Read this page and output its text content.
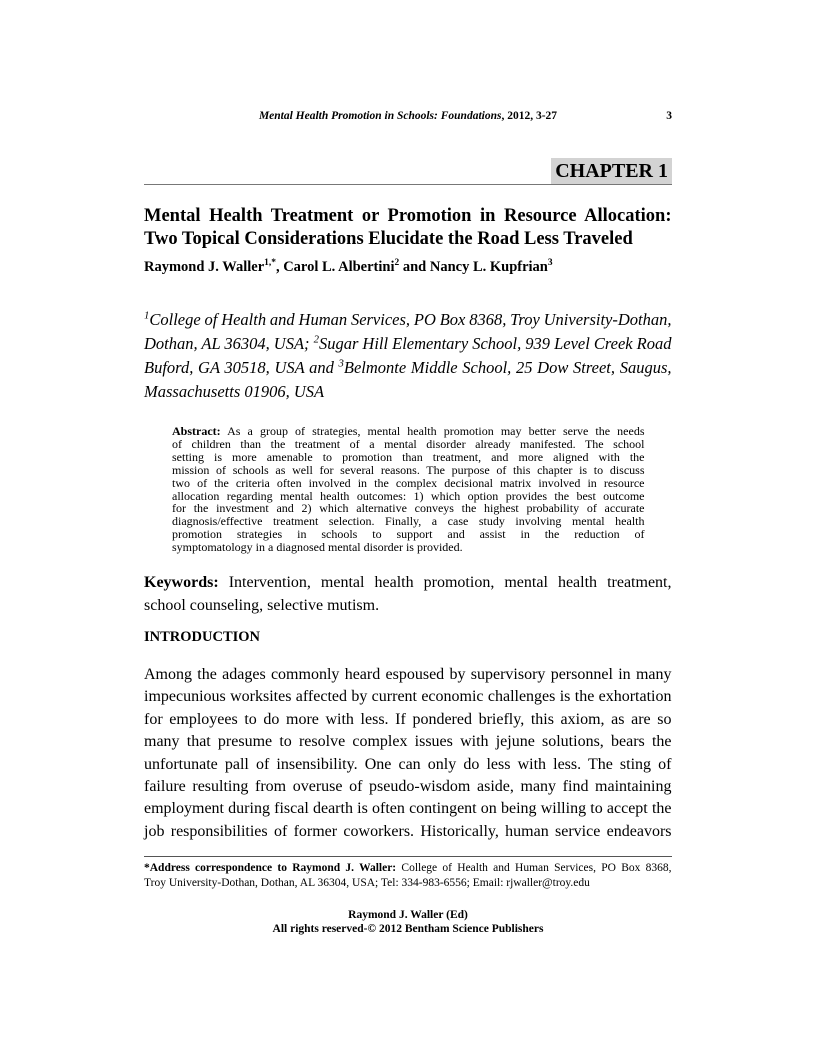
Mental Health Promotion in Schools: Foundations, 2012, 3-27	3
CHAPTER 1
Mental Health Treatment or Promotion in Resource Allocation:
Two Topical Considerations Elucidate the Road Less Traveled
Raymond J. Waller$^{1,*}$, Carol L. Albertini$^2$ and Nancy L. Kupfrian$^3$
$^1$College of Health and Human Services, PO Box 8368, Troy University-Dothan,
Dothan, AL 36304, USA; $^2$Sugar Hill Elementary School, 939 Level Creek Road
Buford, GA 30518, USA and $^3$Belmonte Middle School, 25 Dow Street, Saugus,
Massachusetts 01906, USA
INTRODUCTION
Raymond J. Waller (Ed)
All rights reserved-© 2012 Bentham Science Publishers
Abstract: As a group of strategies, mental health promotion may better serve the needs
of children than the treatment of a mental disorder already manifested. The school
setting is more amenable to promotion than treatment, and more aligned with the
mission of schools as well for several reasons. The purpose of this chapter is to discuss
two of the criteria often involved in the complex decisional matrix involved in resource
allocation regarding mental health outcomes: 1) which option provides the best outcome
for the investment and 2) which alternative conveys the highest probability of accurate
diagnosis/effective treatment selection. Finally, a case study involving mental health
promotion strategies in schools to support and assist in the reduction of
symptomatology in a diagnosed mental disorder is provided.
Keywords: Intervention, mental health promotion, mental health treatment,
school counseling, selective mutism.
Among the adages commonly heard espoused by supervisory personnel in many
impecunious worksites affected by current economic challenges is the exhortation
for employees to do more with less. If pondered briefly, this axiom, as are so
many that presume to resolve complex issues with jejune solutions, bears the
unfortunate pall of insensibility. One can only do less with less. The sting of
failure resulting from overuse of pseudo-wisdom aside, many find maintaining
employment during fiscal dearth is often contingent on being willing to accept the
job responsibilities of former coworkers. Historically, human service endeavors
*Address correspondence to Raymond J. Waller: College of Health and Human Services, PO Box 8368,
Troy University-Dothan, Dothan, AL 36304, USA; Tel: 334-983-6556; Email: rjwaller@troy.edu
